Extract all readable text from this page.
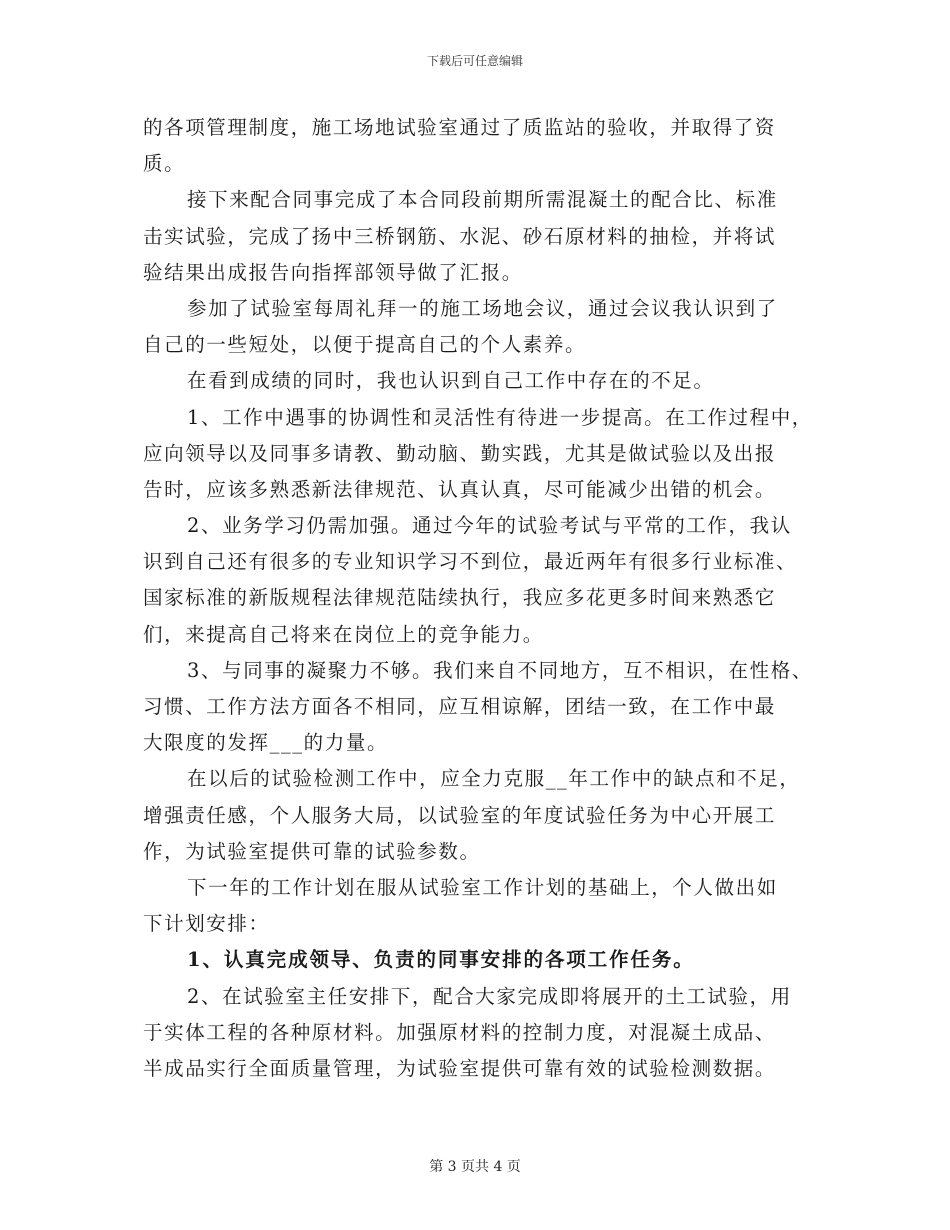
下载后可任意编辑
的各项管理制度，施工场地试验室通过了质监站的验收，并取得了资
质。
接下来配合同事完成了本合同段前期所需混凝土的配合比、标准
击实试验，完成了扬中三桥钢筋、水泥、砂石原材料的抽检，并将试
验结果出成报告向指挥部领导做了汇报。
参加了试验室每周礼拜一的施工场地会议，通过会议我认识到了
自己的一些短处，以便于提高自己的个人素养。
在看到成绩的同时，我也认识到自己工作中存在的不足。
1、工作中遇事的协调性和灵活性有待进一步提高。在工作过程中，
应向领导以及同事多请教、勤动脑、勤实践，尤其是做试验以及出报
告时，应该多熟悉新法律规范、认真认真，尽可能减少出错的机会。
2、业务学习仍需加强。通过今年的试验考试与平常的工作，我认
识到自己还有很多的专业知识学习不到位，最近两年有很多行业标准、
国家标准的新版规程法律规范陆续执行，我应多花更多时间来熟悉它
们，来提高自己将来在岗位上的竞争能力。
3、与同事的凝聚力不够。我们来自不同地方，互不相识，在性格、
习惯、工作方法方面各不相同，应互相谅解，团结一致，在工作中最
大限度的发挥___的力量。
在以后的试验检测工作中，应全力克服__年工作中的缺点和不足，
增强责任感，个人服务大局，以试验室的年度试验任务为中心开展工
作，为试验室提供可靠的试验参数。
下一年的工作计划在服从试验室工作计划的基础上，个人做出如
下计划安排：
1、认真完成领导、负责的同事安排的各项工作任务。
2、在试验室主任安排下，配合大家完成即将展开的土工试验，用
于实体工程的各种原材料。加强原材料的控制力度，对混凝土成品、
半成品实行全面质量管理，为试验室提供可靠有效的试验检测数据。
第 3 页共 4 页
